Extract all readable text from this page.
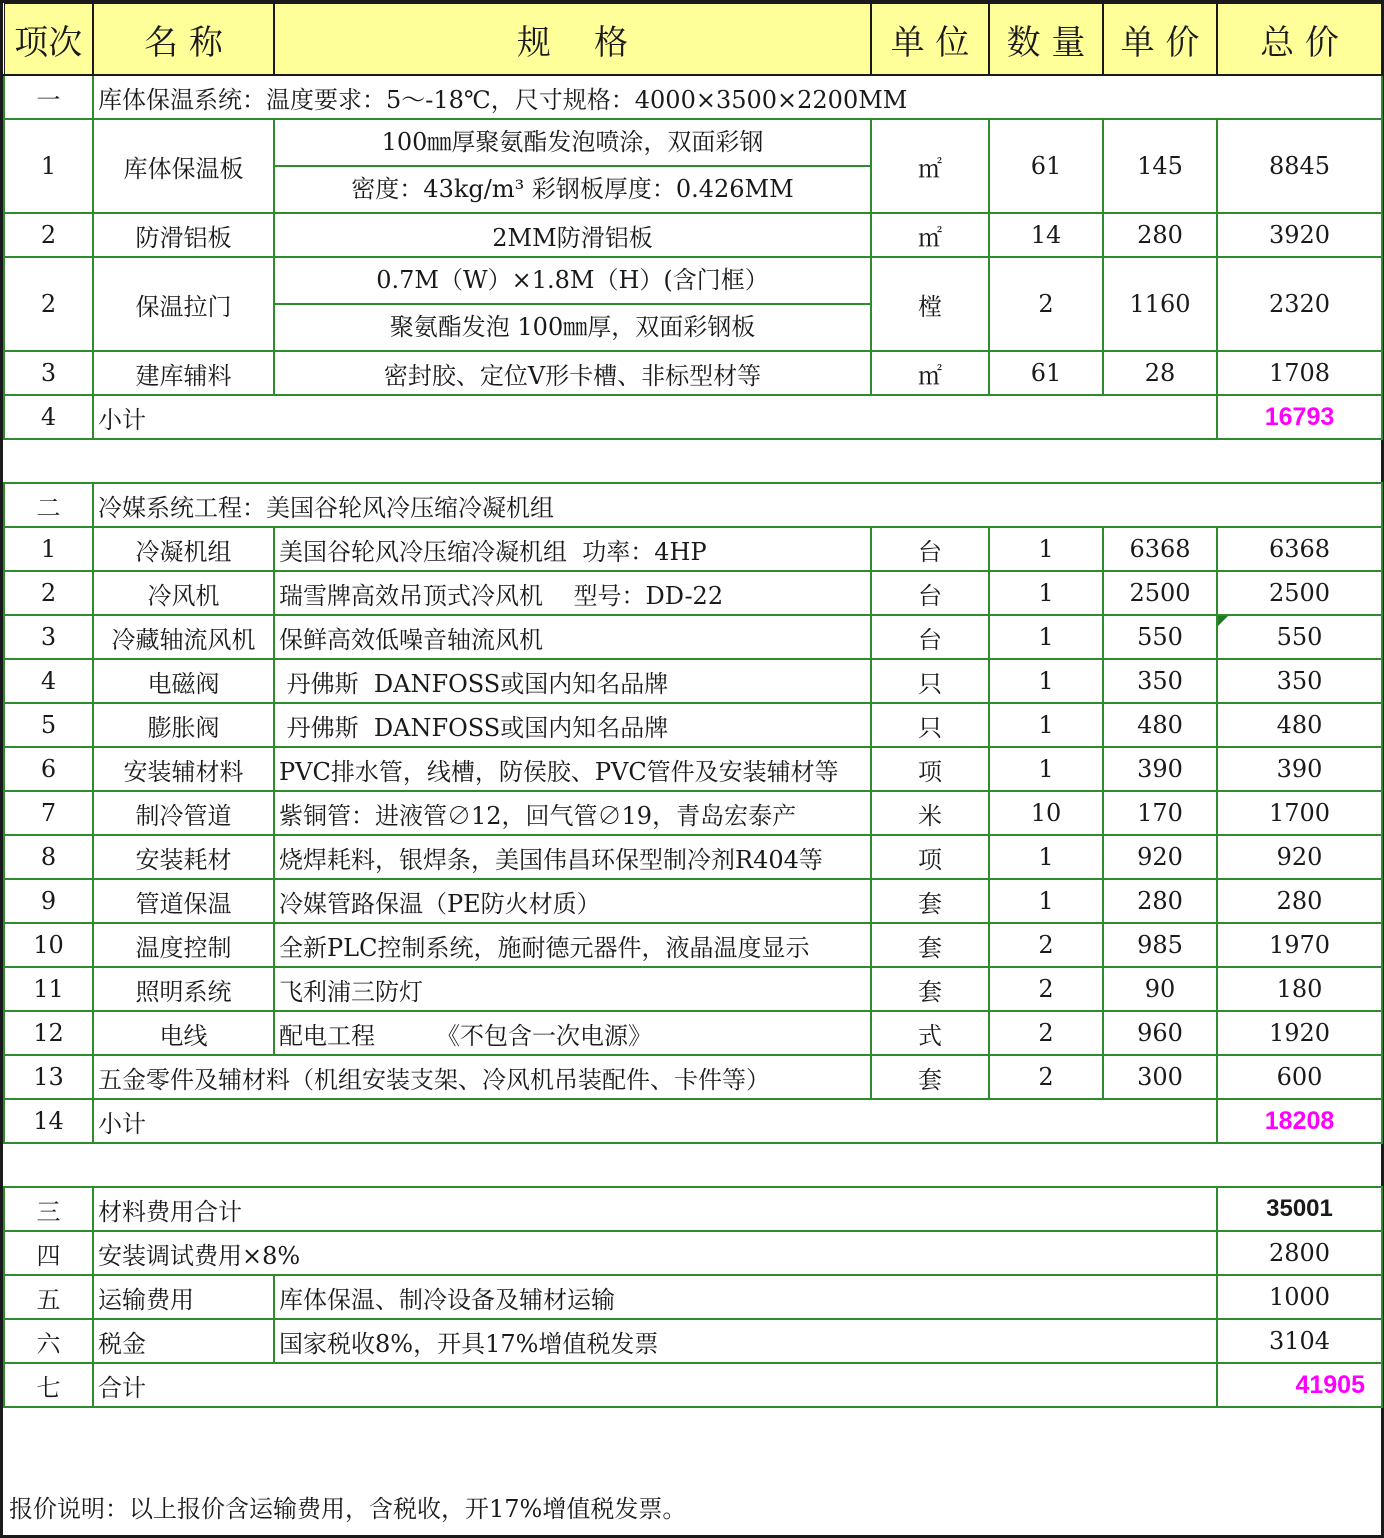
项次	名 称	规    格	单 位	数 量	单 价	总 价
一	库体保温系统：温度要求：5～-18℃，尺寸规格：4000×3500×2200MM					
1	库体保温板	100㎜厚聚氨酯发泡喷涂，双面彩钢
密度：43kg/m³ 彩钢板厚度：0.426MM	㎡	61	145	8845
2	防滑铝板	2MM防滑铝板	㎡	14	280	3920
2	保温拉门	0.7M（W）×1.8M（H）(含门框）
聚氨酯发泡 100㎜厚，双面彩钢板	樘	2	1160	2320
3	建库辅料	密封胶、定位V形卡槽、非标型材等	㎡	61	28	1708
4	小计					16793

二	冷媒系统工程：美国谷轮风冷压缩冷凝机组					
1	冷凝机组	美国谷轮风冷压缩冷凝机组  功率：4HP	台	1	6368	6368
2	冷风机	瑞雪牌高效吊顶式冷风机    型号：DD-22	台	1	2500	2500
3	冷藏轴流风机	保鲜高效低噪音轴流风机	台	1	550	550
4	电磁阀	丹佛斯  DANFOSS或国内知名品牌	只	1	350	350
5	膨胀阀	丹佛斯  DANFOSS或国内知名品牌	只	1	480	480
6	安装辅材料	PVC排水管，线槽，防侯胶、PVC管件及安装辅材等	项	1	390	390
7	制冷管道	紫铜管：进液管∅12，回气管∅19，青岛宏泰产	米	10	170	1700
8	安装耗材	烧焊耗料，银焊条，美国伟昌环保型制冷剂R404等	项	1	920	920
9	管道保温	冷媒管路保温（PE防火材质）	套	1	280	280
10	温度控制	全新PLC控制系统，施耐德元器件，液晶温度显示	套	2	985	1970
11	照明系统	飞利浦三防灯	套	2	90	180
12	电线	配电工程        《不包含一次电源》	式	2	960	1920
13	五金零件及辅材料（机组安装支架、冷风机吊装配件、卡件等）		套	2	300	600
14	小计					18208

三	材料费用合计					35001
四	安装调试费用×8%					2800
五	运输费用	库体保温、制冷设备及辅材运输				1000
六	税金	国家税收8%，开具17%增值税发票				3104
七	合计					41905
报价说明：以上报价含运输费用，含税收，开17%增值税发票。
